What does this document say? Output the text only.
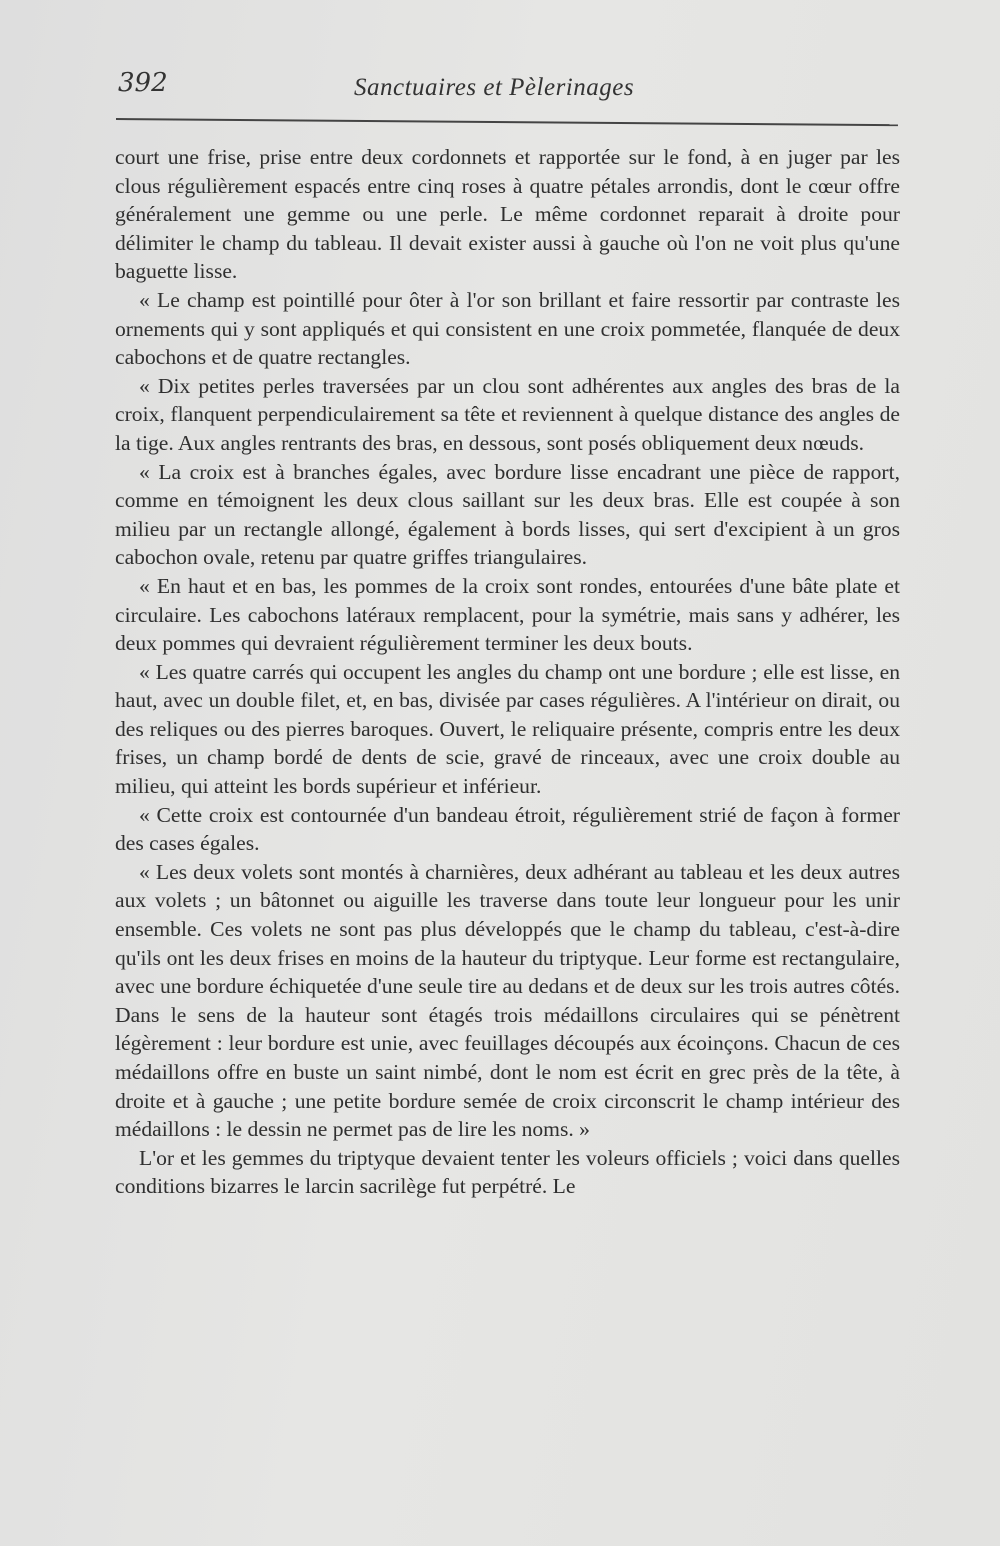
392	Sanctuaires et Pèlerinages

court une frise, prise entre deux cordonnets et rapportée sur le fond, à en juger par les clous régulièrement espacés entre cinq roses à quatre pétales arrondis, dont le cœur offre généralement une gemme ou une perle. Le même cordonnet reparait à droite pour délimiter le champ du tableau. Il devait exister aussi à gauche où l'on ne voit plus qu'une baguette lisse.

« Le champ est pointillé pour ôter à l'or son brillant et faire ressortir par contraste les ornements qui y sont appliqués et qui consistent en une croix pommetée, flanquée de deux cabochons et de quatre rectangles.

« Dix petites perles traversées par un clou sont adhérentes aux angles des bras de la croix, flanquent perpendiculairement sa tête et reviennent à quelque distance des angles de la tige. Aux angles rentrants des bras, en dessous, sont posés obliquement deux nœuds.

« La croix est à branches égales, avec bordure lisse encadrant une pièce de rapport, comme en témoignent les deux clous saillant sur les deux bras. Elle est coupée à son milieu par un rectangle allongé, également à bords lisses, qui sert d'excipient à un gros cabochon ovale, retenu par quatre griffes triangulaires.

« En haut et en bas, les pommes de la croix sont rondes, entourées d'une bâte plate et circulaire. Les cabochons latéraux remplacent, pour la symétrie, mais sans y adhérer, les deux pommes qui devraient régulièrement terminer les deux bouts.

« Les quatre carrés qui occupent les angles du champ ont une bordure ; elle est lisse, en haut, avec un double filet, et, en bas, divisée par cases régulières. A l'intérieur on dirait, ou des reliques ou des pierres baroques. Ouvert, le reliquaire présente, compris entre les deux frises, un champ bordé de dents de scie, gravé de rinceaux, avec une croix double au milieu, qui atteint les bords supérieur et inférieur.

« Cette croix est contournée d'un bandeau étroit, régulièrement strié de façon à former des cases égales.

« Les deux volets sont montés à charnières, deux adhérant au tableau et les deux autres aux volets ; un bâtonnet ou aiguille les traverse dans toute leur longueur pour les unir ensemble. Ces volets ne sont pas plus développés que le champ du tableau, c'est-à-dire qu'ils ont les deux frises en moins de la hauteur du triptyque. Leur forme est rectangulaire, avec une bordure échiquetée d'une seule tire au dedans et de deux sur les trois autres côtés. Dans le sens de la hauteur sont étagés trois médaillons circulaires qui se pénètrent légèrement : leur bordure est unie, avec feuillages découpés aux écoinçons. Chacun de ces médaillons offre en buste un saint nimbé, dont le nom est écrit en grec près de la tête, à droite et à gauche ; une petite bordure semée de croix circonscrit le champ intérieur des médaillons : le dessin ne permet pas de lire les noms. »

L'or et les gemmes du triptyque devaient tenter les voleurs officiels ; voici dans quelles conditions bizarres le larcin sacrilège fut perpétré. Le
